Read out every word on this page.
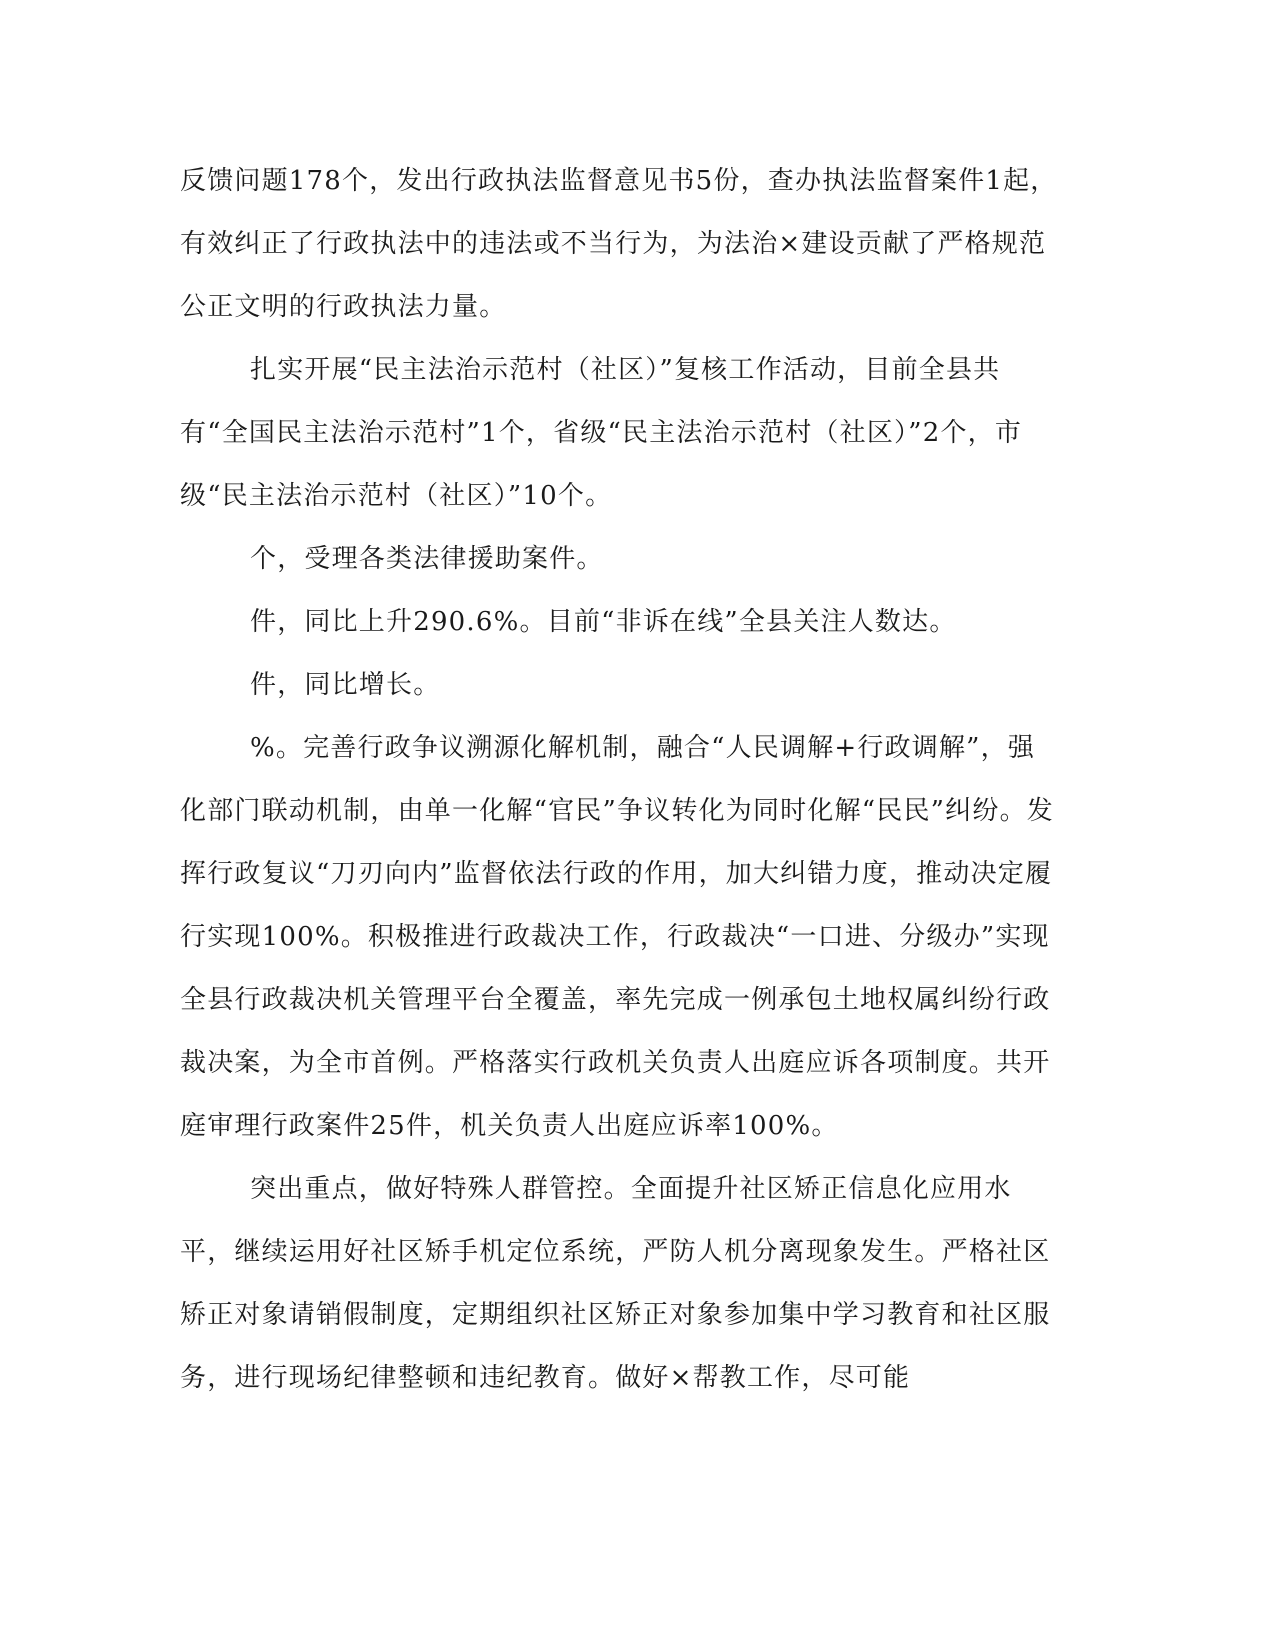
反馈问题178个，发出行政执法监督意见书5份，查办执法监督案件1起，有效纠正了行政执法中的违法或不当行为，为法治×建设贡献了严格规范公正文明的行政执法力量。

扎实开展“民主法治示范村（社区）”复核工作活动，目前全县共有“全国民主法治示范村”1个，省级“民主法治示范村（社区）”2个，市级“民主法治示范村（社区）”10个。

个，受理各类法律援助案件。

件，同比上升290.6%。目前“非诉在线”全县关注人数达。

件，同比增长。

%。完善行政争议溯源化解机制，融合“人民调解+行政调解”，强化部门联动机制，由单一化解“官民”争议转化为同时化解“民民”纠纷。发挥行政复议“刀刃向内”监督依法行政的作用，加大纠错力度，推动决定履行实现100%。积极推进行政裁决工作，行政裁决“一口进、分级办”实现全县行政裁决机关管理平台全覆盖，率先完成一例承包土地权属纠纷行政裁决案，为全市首例。严格落实行政机关负责人出庭应诉各项制度。共开庭审理行政案件25件，机关负责人出庭应诉率100%。

突出重点，做好特殊人群管控。全面提升社区矫正信息化应用水平，继续运用好社区矫手机定位系统，严防人机分离现象发生。严格社区矫正对象请销假制度，定期组织社区矫正对象参加集中学习教育和社区服务，进行现场纪律整顿和违纪教育。做好×帮教工作，尽可能
